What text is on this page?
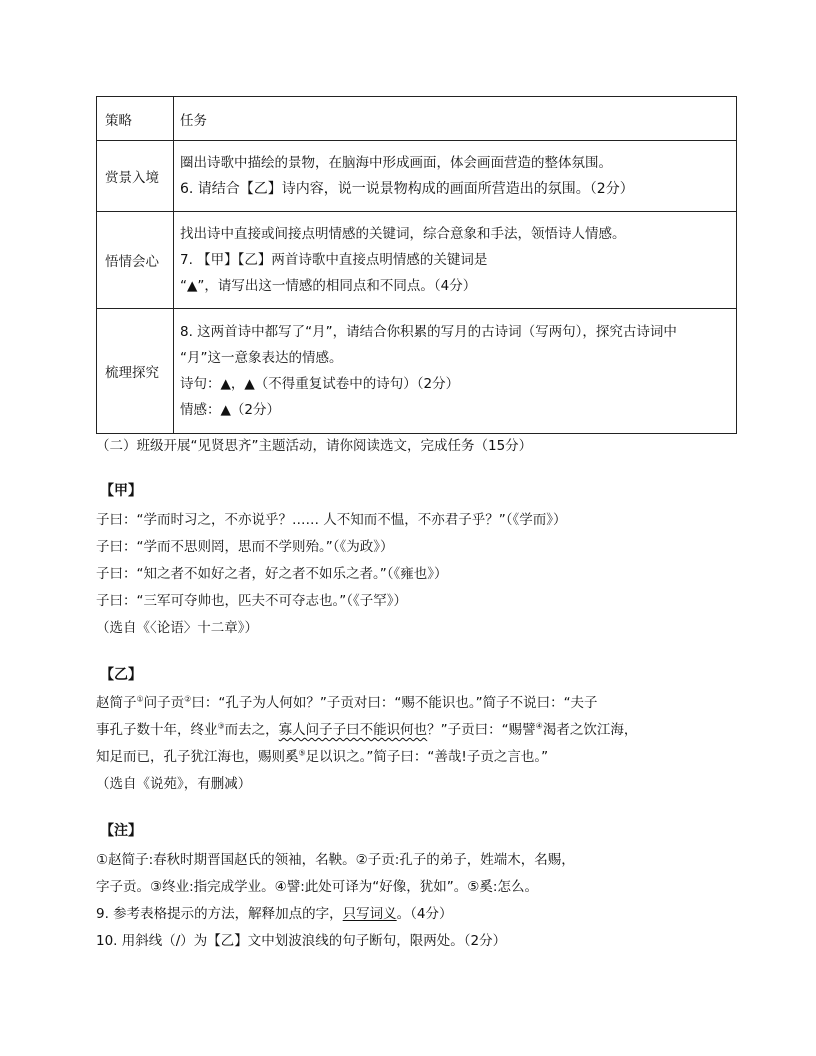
策略	任务
赏景入境	圈出诗歌中描绘的景物，在脑海中形成画面，体会画面营造的整体氛围。
6. 请结合【乙】诗内容，说一说景物构成的画面所营造出的氛围。（2分）

悟情会心	找出诗中直接或间接点明情感的关键词，综合意象和手法，领悟诗人情感。
7. 【甲】【乙】两首诗歌中直接点明情感的关键词是
“▲”，请写出这一情感的相同点和不同点。（4分）

梳理探究	8. 这两首诗中都写了“月”，请结合你积累的写月的古诗词（写两句），探究古诗词中
“月”这一意象表达的情感。
诗句：▲，▲（不得重复试卷中的诗句）（2分）
情感：▲（2分）
（二）班级开展“见贤思齐”主题活动，请你阅读选文，完成任务（15分）
【甲】
子曰：“学而时习之，不亦说乎？…… 人不知而不愠，不亦君子乎？”（《学而》）
子曰：“学而不思则罔，思而不学则殆。”（《为政》）
子曰：“知之者不如好之者，好之者不如乐之者。”（《雍也》）
子曰：“三军可夺帅也，匹夫不可夺志也。”（《子罕》）
（选自《〈论语〉十二章》）
【乙】
赵简子①问子贡②曰：“孔子为人何如？”子贡对曰：“赐不能识也。”简子不说曰：“夫子
事孔子数十年，终业③而去之，寡人问子子曰不能识何也？”子贡曰：“赐譬④渴者之饮江海，
知足而已，孔子犹江海也，赐则奚⑤足以识之。”简子曰：“善哉!子贡之言也。”
（选自《说苑》，有删减）
【注】
①赵简子:春秋时期晋国赵氏的领袖，名鞅。②子贡:孔子的弟子，姓端木，名赐，
字子贡。③终业:指完成学业。④譬:此处可译为“好像，犹如”。⑤奚:怎么。
9. 参考表格提示的方法，解释加点的字，只写词义。（4分）
10. 用斜线（/）为【乙】文中划波浪线的句子断句，限两处。（2分）
